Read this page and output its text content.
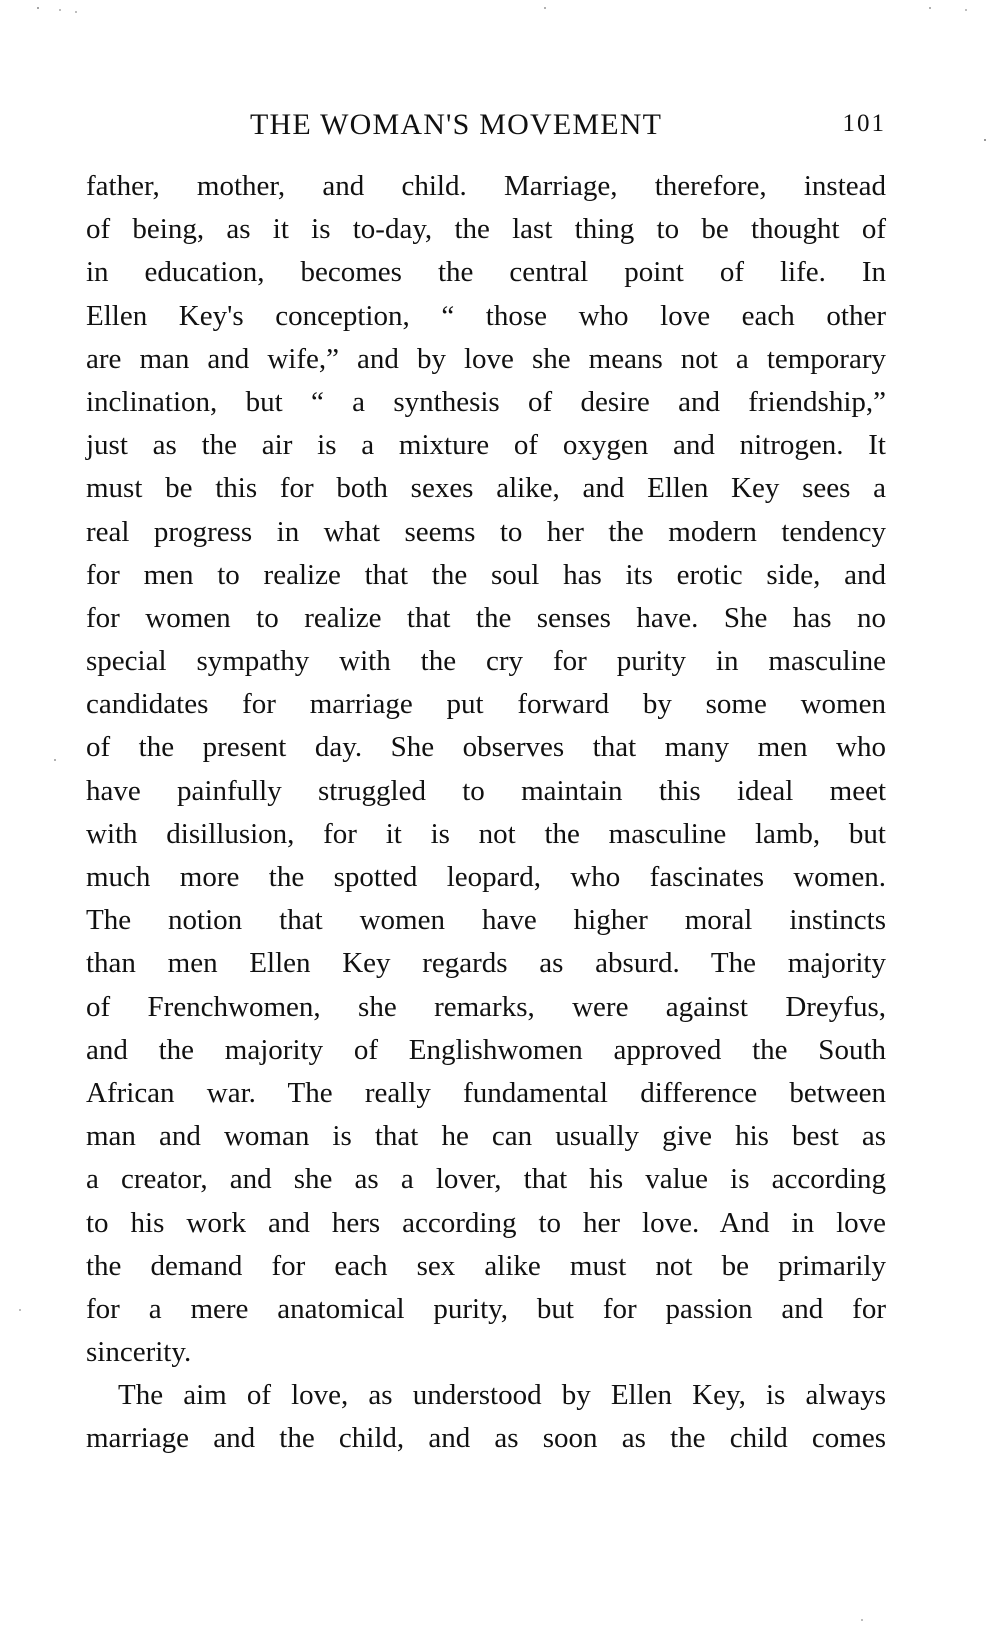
THE WOMAN'S MOVEMENT	101
father, mother, and child. Marriage, therefore, instead
of being, as it is to-day, the last thing to be thought of
in education, becomes the central point of life. In
Ellen Key's conception, “ those who love each other
are man and wife,” and by love she means not a temporary
inclination, but “ a synthesis of desire and friendship,”
just as the air is a mixture of oxygen and nitrogen. It
must be this for both sexes alike, and Ellen Key sees a
real progress in what seems to her the modern tendency
for men to realize that the soul has its erotic side, and
for women to realize that the senses have. She has no
special sympathy with the cry for purity in masculine
candidates for marriage put forward by some women
of the present day. She observes that many men who
have painfully struggled to maintain this ideal meet
with disillusion, for it is not the masculine lamb, but
much more the spotted leopard, who fascinates women.
The notion that women have higher moral instincts
than men Ellen Key regards as absurd. The majority
of Frenchwomen, she remarks, were against Dreyfus,
and the majority of Englishwomen approved the South
African war. The really fundamental difference between
man and woman is that he can usually give his best as
a creator, and she as a lover, that his value is according
to his work and hers according to her love. And in love
the demand for each sex alike must not be primarily
for a mere anatomical purity, but for passion and for
sincerity.
The aim of love, as understood by Ellen Key, is always
marriage and the child, and as soon as the child comes
